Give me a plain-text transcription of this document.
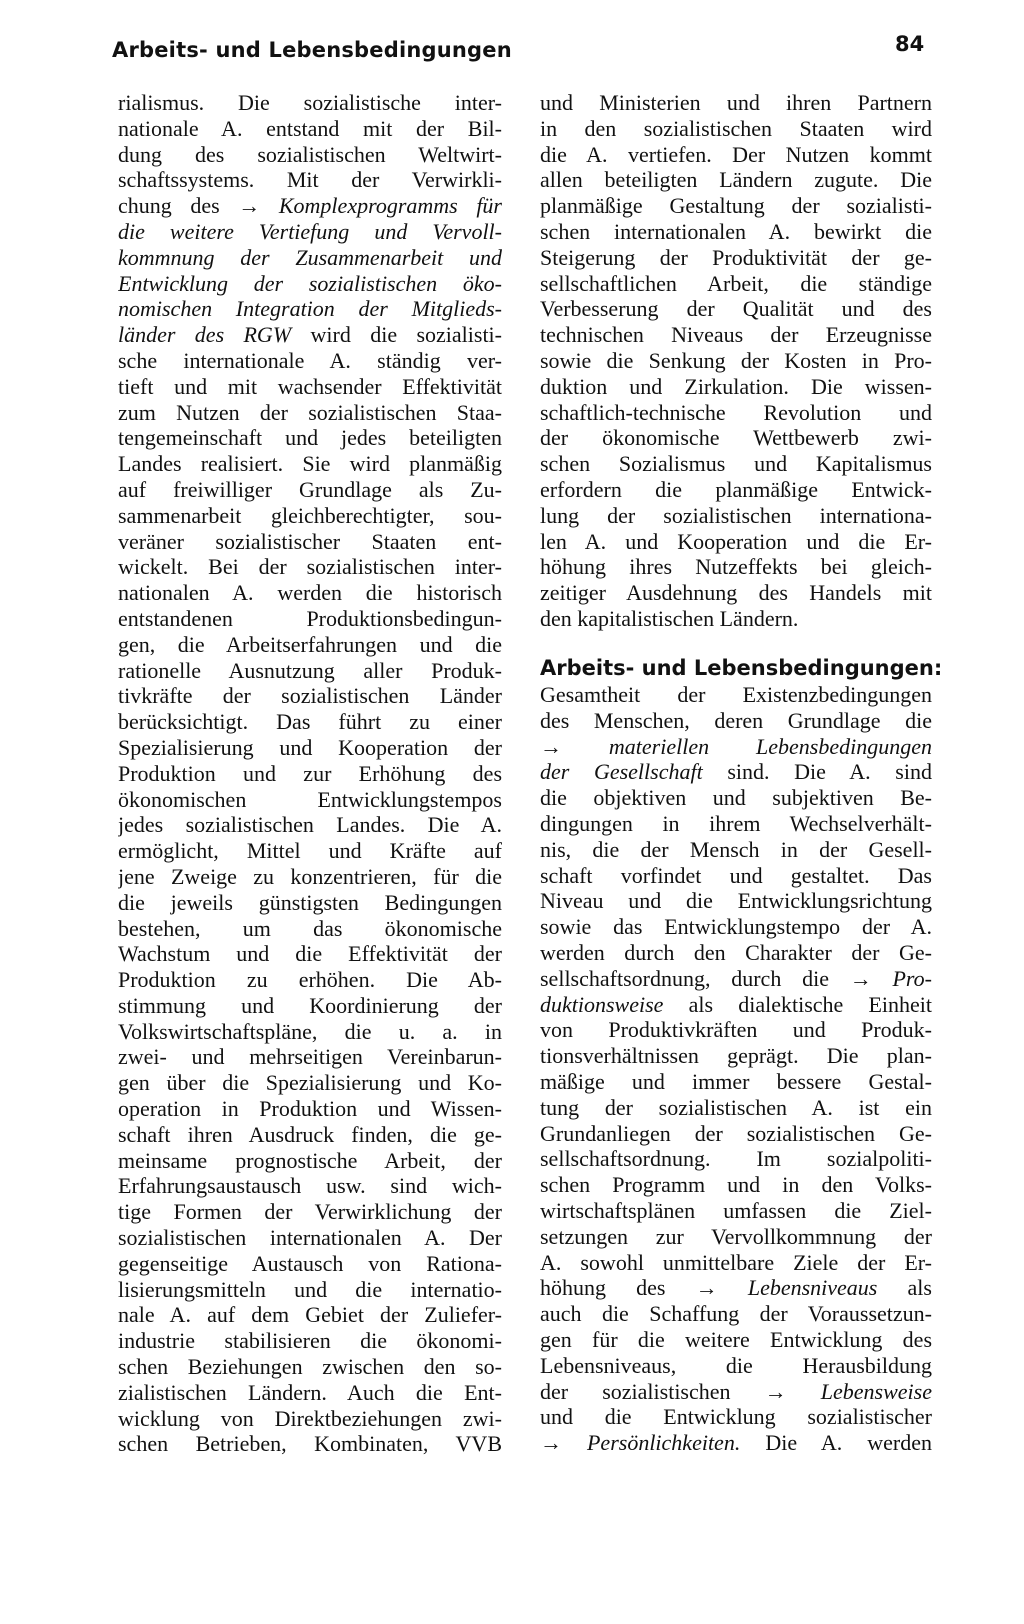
Arbeits- und Lebensbedingungen	84
rialismus. Die sozialistische inter-
nationale A. entstand mit der Bil-
dung des sozialistischen Weltwirt-
schaftssystems. Mit der Verwirkli-
chung des → Komplexprogramms für
die weitere Vertiefung und Vervoll-
kommnung der Zusammenarbeit und
Entwicklung der sozialistischen öko-
nomischen Integration der Mitglieds-
länder des RGW wird die sozialisti-
sche internationale A. ständig ver-
tieft und mit wachsender Effektivität
zum Nutzen der sozialistischen Staa-
tengemeinschaft und jedes beteiligten
Landes realisiert. Sie wird planmäßig
auf freiwilliger Grundlage als Zu-
sammenarbeit gleichberechtigter, sou-
veräner sozialistischer Staaten ent-
wickelt. Bei der sozialistischen inter-
nationalen A. werden die historisch
entstandenen Produktionsbedingun-
gen, die Arbeitserfahrungen und die
rationelle Ausnutzung aller Produk-
tivkräfte der sozialistischen Länder
berücksichtigt. Das führt zu einer
Spezialisierung und Kooperation der
Produktion und zur Erhöhung des
ökonomischen Entwicklungstempos
jedes sozialistischen Landes. Die A.
ermöglicht, Mittel und Kräfte auf
jene Zweige zu konzentrieren, für die
die jeweils günstigsten Bedingungen
bestehen, um das ökonomische
Wachstum und die Effektivität der
Produktion zu erhöhen. Die Ab-
stimmung und Koordinierung der
Volkswirtschaftspläne, die u. a. in
zwei- und mehrseitigen Vereinbarun-
gen über die Spezialisierung und Ko-
operation in Produktion und Wissen-
schaft ihren Ausdruck finden, die ge-
meinsame prognostische Arbeit, der
Erfahrungsaustausch usw. sind wich-
tige Formen der Verwirklichung der
sozialistischen internationalen A. Der
gegenseitige Austausch von Rationa-
lisierungsmitteln und die internatio-
nale A. auf dem Gebiet der Zuliefer-
industrie stabilisieren die ökonomi-
schen Beziehungen zwischen den so-
zialistischen Ländern. Auch die Ent-
wicklung von Direktbeziehungen zwi-
schen Betrieben, Kombinaten, VVB
und Ministerien und ihren Partnern
in den sozialistischen Staaten wird
die A. vertiefen. Der Nutzen kommt
allen beteiligten Ländern zugute. Die
planmäßige Gestaltung der sozialisti-
schen internationalen A. bewirkt die
Steigerung der Produktivität der ge-
sellschaftlichen Arbeit, die ständige
Verbesserung der Qualität und des
technischen Niveaus der Erzeugnisse
sowie die Senkung der Kosten in Pro-
duktion und Zirkulation. Die wissen-
schaftlich-technische Revolution und
der ökonomische Wettbewerb zwi-
schen Sozialismus und Kapitalismus
erfordern die planmäßige Entwick-
lung der sozialistischen internationa-
len A. und Kooperation und die Er-
höhung ihres Nutzeffekts bei gleich-
zeitiger Ausdehnung des Handels mit
den kapitalistischen Ländern.
Arbeits- und Lebensbedingungen:
Gesamtheit der Existenzbedingungen
des Menschen, deren Grundlage die
→ materiellen Lebensbedingungen
der Gesellschaft sind. Die A. sind
die objektiven und subjektiven Be-
dingungen in ihrem Wechselverhält-
nis, die der Mensch in der Gesell-
schaft vorfindet und gestaltet. Das
Niveau und die Entwicklungsrichtung
sowie das Entwicklungstempo der A.
werden durch den Charakter der Ge-
sellschaftsordnung, durch die → Pro-
duktionsweise als dialektische Einheit
von Produktivkräften und Produk-
tionsverhältnissen geprägt. Die plan-
mäßige und immer bessere Gestal-
tung der sozialistischen A. ist ein
Grundanliegen der sozialistischen Ge-
sellschaftsordnung. Im sozialpoliti-
schen Programm und in den Volks-
wirtschaftsplänen umfassen die Ziel-
setzungen zur Vervollkommnung der
A. sowohl unmittelbare Ziele der Er-
höhung des → Lebensniveaus als
auch die Schaffung der Voraussetzun-
gen für die weitere Entwicklung des
Lebensniveaus, die Herausbildung
der sozialistischen → Lebensweise
und die Entwicklung sozialistischer
→ Persönlichkeiten. Die A. werden
